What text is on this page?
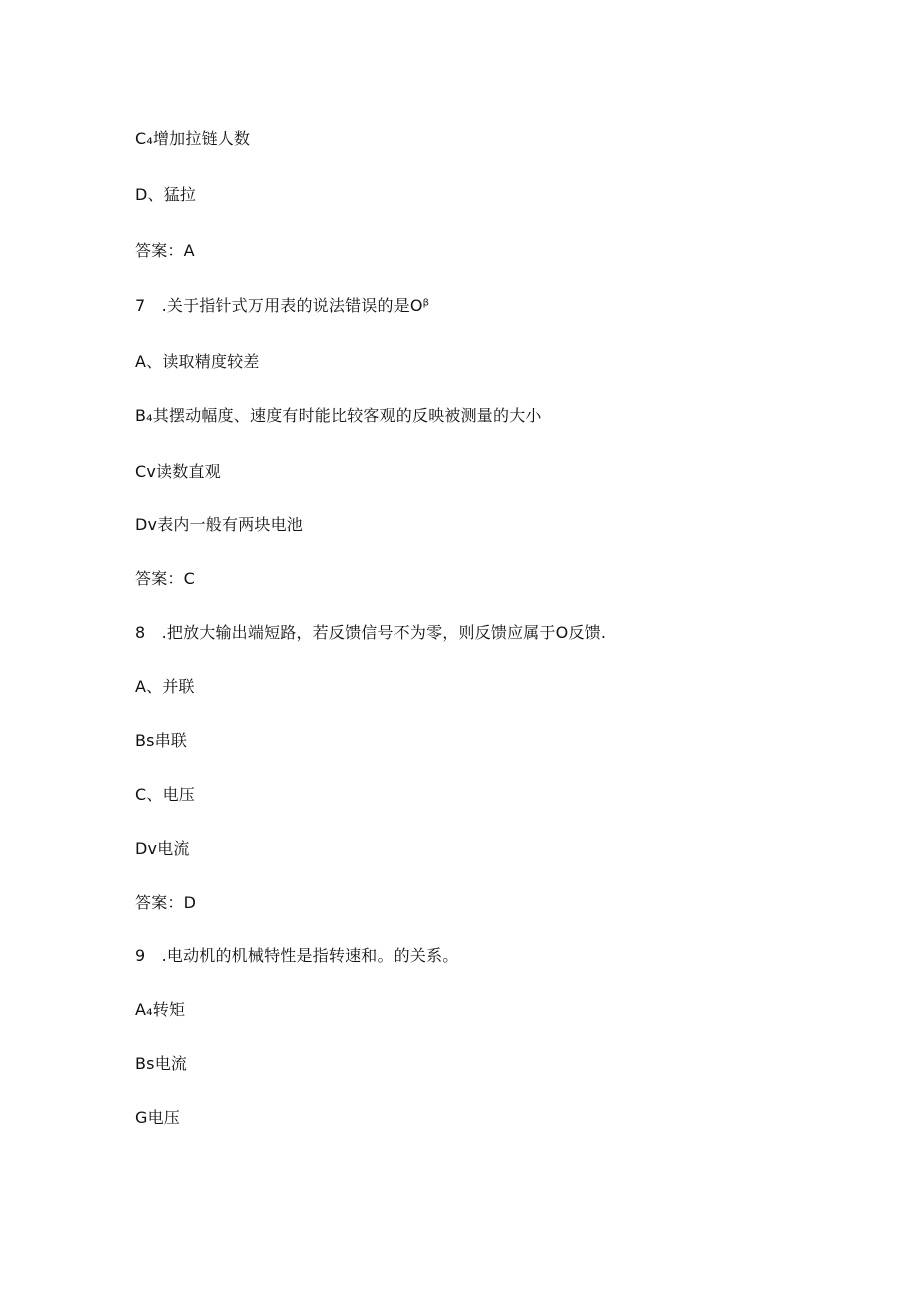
C₄增加拉链人数
D、猛拉
答案：A
7 .关于指针式万用表的说法错误的是Oᵝ
A、读取精度较差
B₄其摆动幅度、速度有时能比较客观的反映被测量的大小
Cv读数直观
Dv表内一般有两块电池
答案：C
8 .把放大输出端短路，若反馈信号不为零，则反馈应属于O反馈.
A、并联
Bs串联
C、电压
Dv电流
答案：D
9 .电动机的机械特性是指转速和。的关系。
A₄转矩
Bs电流
G电压
